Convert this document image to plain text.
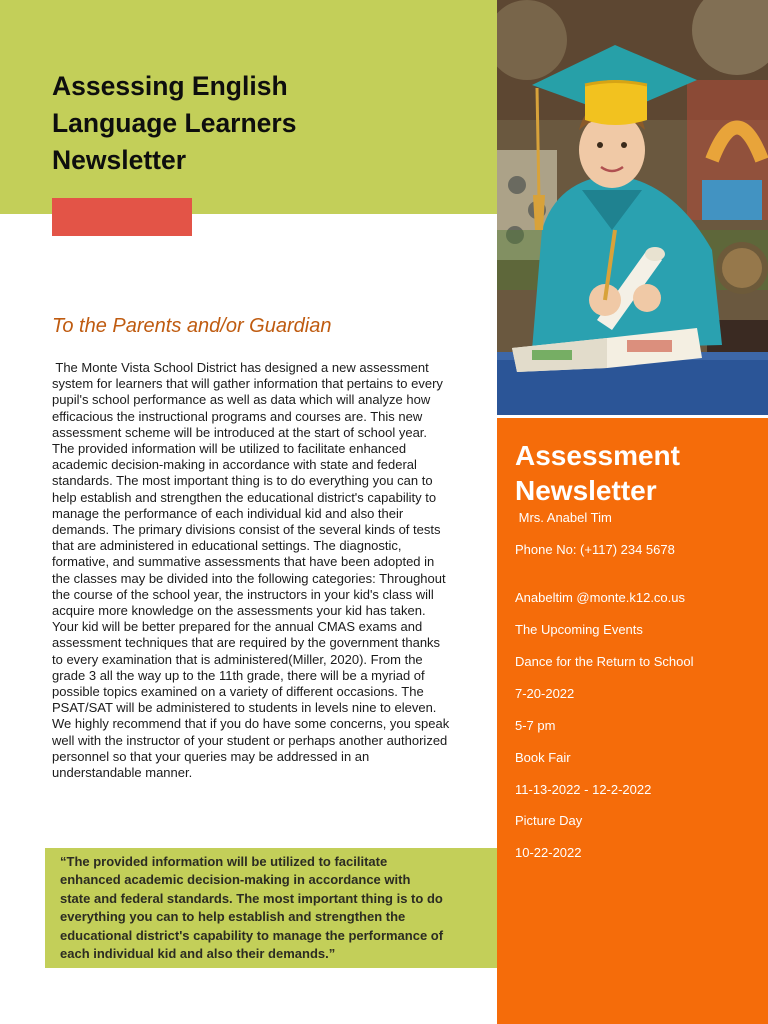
Assessing English
Language Learners
Newsletter
To the Parents and/or Guardian
The Monte Vista School District has designed a new assessment
system for learners that will gather information that pertains to every
pupil's school performance as well as data which will analyze how
efficacious the instructional programs and courses are. This new
assessment scheme will be introduced at the start of school year.
The provided information will be utilized to facilitate enhanced
academic decision-making in accordance with state and federal
standards. The most important thing is to do everything you can to
help establish and strengthen the educational district's capability to
manage the performance of each individual kid and also their
demands. The primary divisions consist of the several kinds of tests
that are administered in educational settings. The diagnostic,
formative, and summative assessments that have been adopted in
the classes may be divided into the following categories: Throughout
the course of the school year, the instructors in your kid's class will
acquire more knowledge on the assessments your kid has taken.
Your kid will be better prepared for the annual CMAS exams and
assessment techniques that are required by the government thanks
to every examination that is administered(Miller, 2020). From the
grade 3 all the way up to the 11th grade, there will be a myriad of
possible topics examined on a variety of different occasions. The
PSAT/SAT will be administered to students in levels nine to eleven.
We highly recommend that if you do have some concerns, you speak
well with the instructor of your student or perhaps another authorized
personnel so that your queries may be addressed in an
understandable manner.
“The provided information will be utilized to facilitate
enhanced academic decision-making in accordance with
state and federal standards. The most important thing is to do
everything you can to help establish and strengthen the
educational district's capability to manage the performance of
each individual kid and also their demands.”
Assessment
Newsletter
Mrs. Anabel Tim
Phone No: (+117) 234 5678
Anabeltim @monte.k12.co.us
The Upcoming Events
Dance for the Return to School
7-20-2022
5-7 pm
Book Fair
11-13-2022 - 12-2-2022
Picture Day
10-22-2022
